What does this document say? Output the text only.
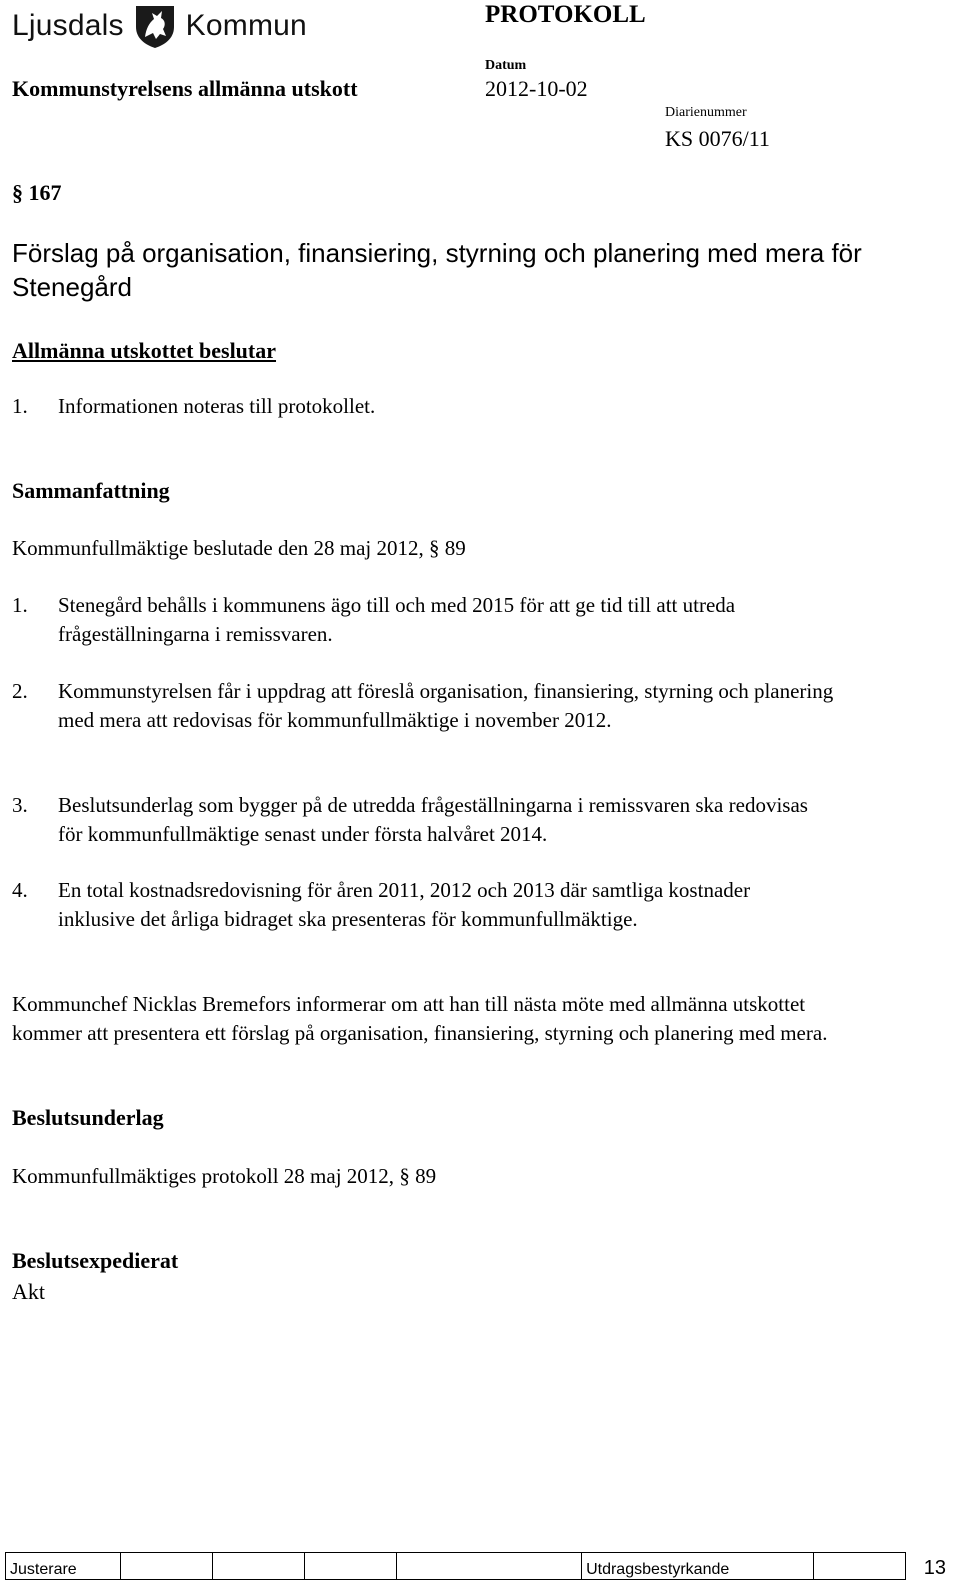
Ljusdals Kommun	PROTOKOLL
Kommunstyrelsens allmänna utskott
Datum
2012-10-02
Diarienummer
KS 0076/11
§ 167
Förslag på organisation, finansiering, styrning och planering med mera för Stenegård
Allmänna utskottet beslutar
1.	Informationen noteras till protokollet.
Sammanfattning
Kommunfullmäktige beslutade den 28 maj 2012, § 89
1.	Stenegård behålls i kommunens ägo till och med 2015 för att ge tid till att utreda frågeställningarna i remissvaren.
2.	Kommunstyrelsen får i uppdrag att föreslå organisation, finansiering, styrning och planering med mera att redovisas för kommunfullmäktige i november 2012.
3.	Beslutsunderlag som bygger på de utredda frågeställningarna i remissvaren ska redovisas för kommunfullmäktige senast under första halvåret 2014.
4.	En total kostnadsredovisning för åren 2011, 2012 och 2013 där samtliga kostnader inklusive det årliga bidraget ska presenteras för kommunfullmäktige.
Kommunchef Nicklas Bremefors informerar om att han till nästa möte med allmänna utskottet kommer att presentera ett förslag på organisation, finansiering, styrning och planering med mera.
Beslutsunderlag
Kommunfullmäktiges protokoll 28 maj 2012, § 89
Beslutsexpedierat
Akt
Justerare					Utdragsbestyrkande		13
